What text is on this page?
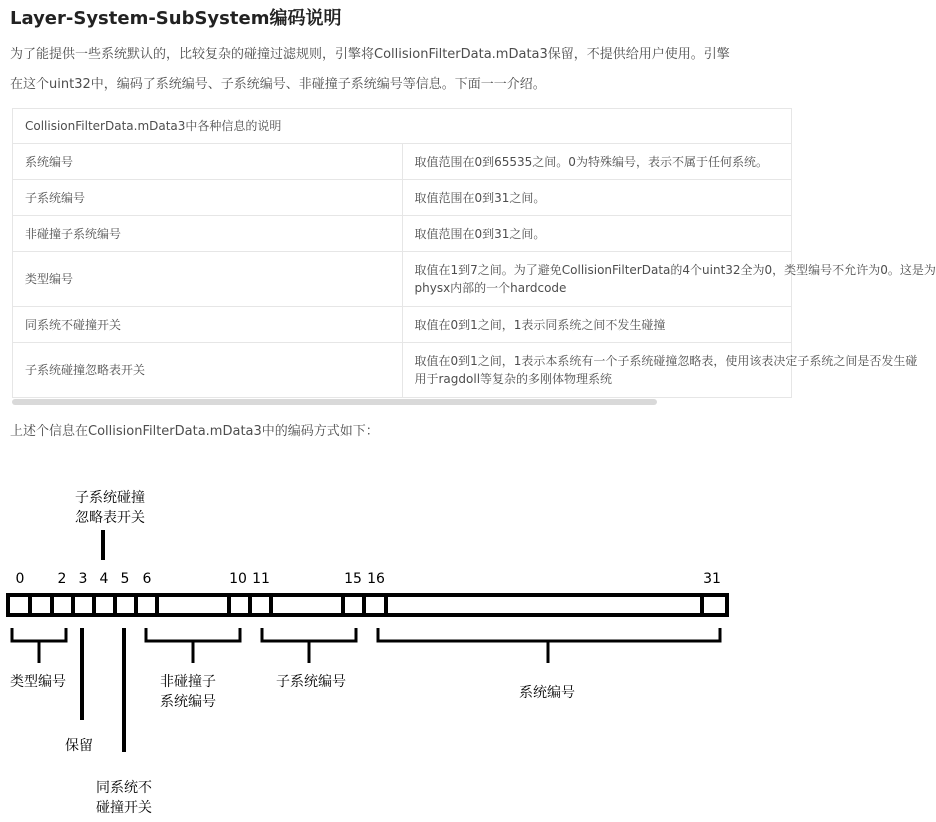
Layer-System-SubSystem编码说明

为了能提供一些系统默认的，比较复杂的碰撞过滤规则，引擎将CollisionFilterData.mData3保留，不提供给用户使用。引擎在这个uint32中，编码了系统编号、子系统编号、非碰撞子系统编号等信息。下面一一介绍。

CollisionFilterData.mData3中各种信息的说明	
系统编号	取值范围在0到65535之间。0为特殊编号，表示不属于任何系统。
子系统编号	取值范围在0到31之间。
非碰撞子系统编号	取值范围在0到31之间。
类型编号	取值在1到7之间。为了避免CollisionFilterData的4个uint32全为0，类型编号不允许为0。这是为
physx内部的一个hardcode

同系统不碰撞开关	取值在0到1之间，1表示同系统之间不发生碰撞
子系统碰撞忽略表开关	取值在0到1之间，1表示本系统有一个子系统碰撞忽略表，使用该表决定子系统之间是否发生碰
用于ragdoll等复杂的多刚体物理系统

上述个信息在CollisionFilterData.mData3中的编码方式如下：

子系统碰撞
忽略表开关
0 2 3 4 5 6	10 11	15 16	31
类型编号	非碰撞子
系统编号
子系统编号
系统编号
保留
同系统不
碰撞开关
